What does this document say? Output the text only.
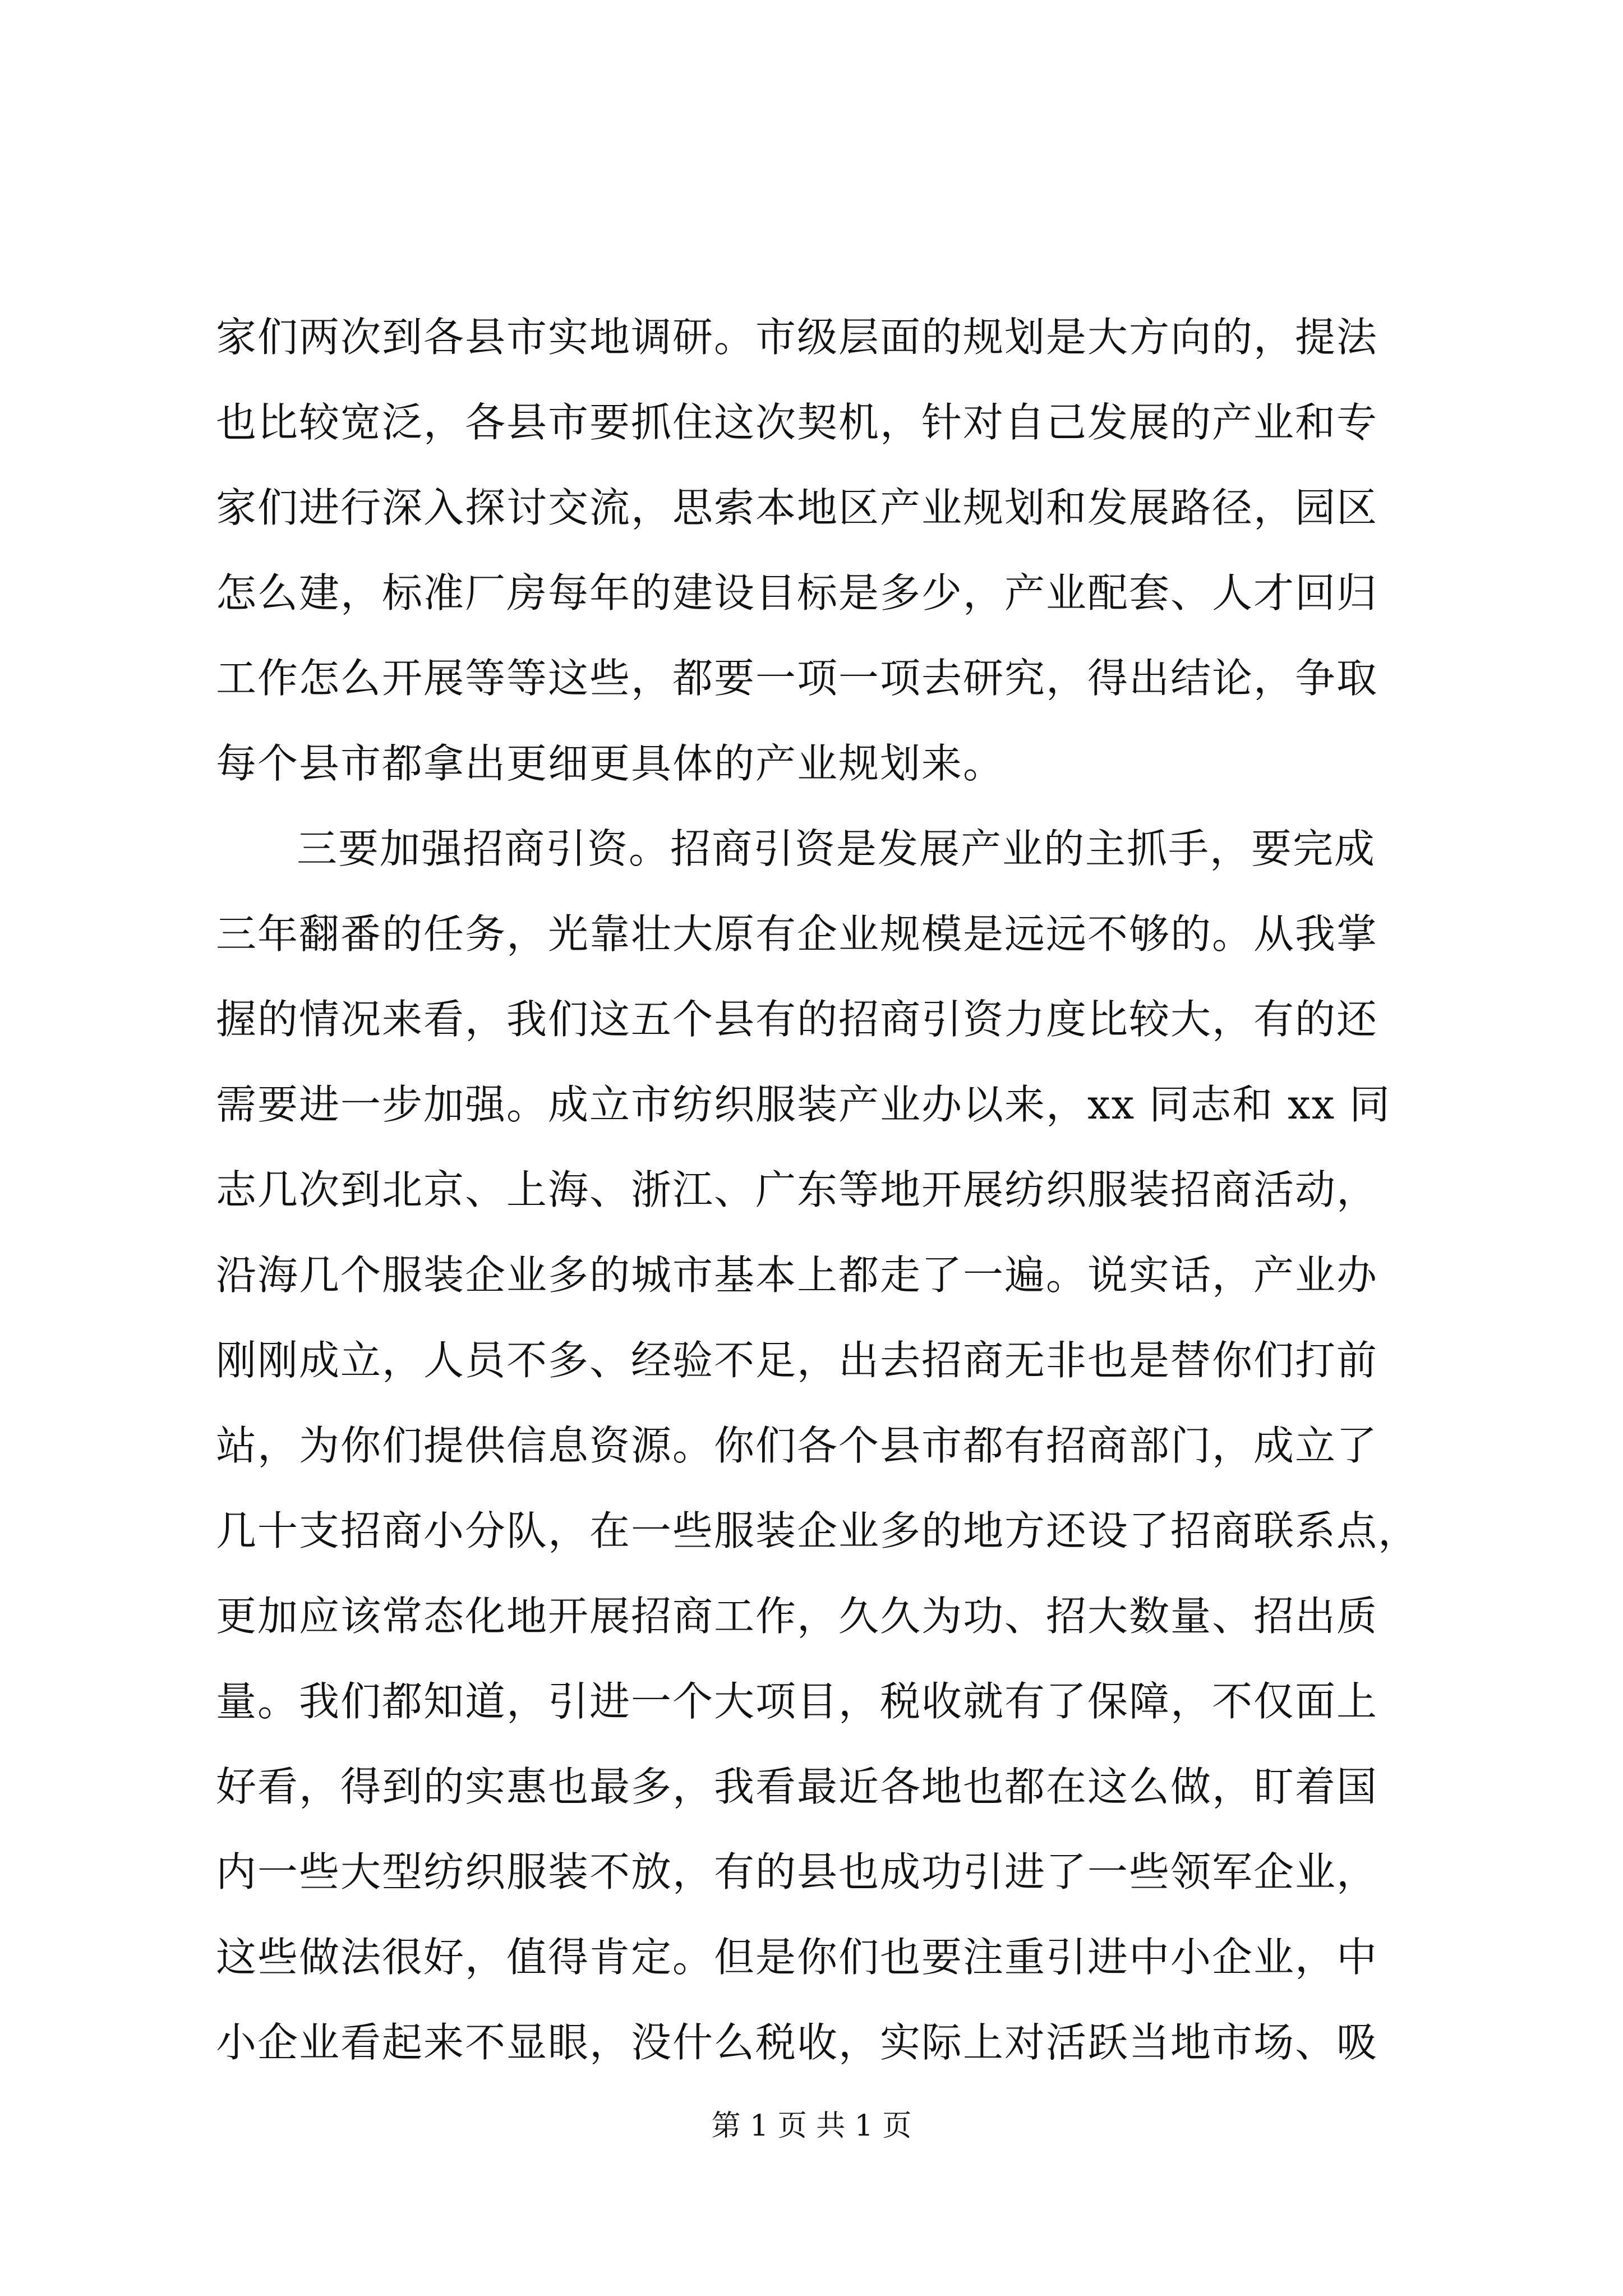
家们两次到各县市实地调研。市级层面的规划是大方向的，提法
也比较宽泛，各县市要抓住这次契机，针对自己发展的产业和专
家们进行深入探讨交流，思索本地区产业规划和发展路径，园区
怎么建，标准厂房每年的建设目标是多少，产业配套、人才回归
工作怎么开展等等这些，都要一项一项去研究，得出结论，争取
每个县市都拿出更细更具体的产业规划来。
三要加强招商引资。招商引资是发展产业的主抓手，要完成
三年翻番的任务，光靠壮大原有企业规模是远远不够的。从我掌
握的情况来看，我们这五个县有的招商引资力度比较大，有的还
需要进一步加强。成立市纺织服装产业办以来，xx 同志和 xx 同
志几次到北京、上海、浙江、广东等地开展纺织服装招商活动，
沿海几个服装企业多的城市基本上都走了一遍。说实话，产业办
刚刚成立，人员不多、经验不足，出去招商无非也是替你们打前
站，为你们提供信息资源。你们各个县市都有招商部门，成立了
几十支招商小分队，在一些服装企业多的地方还设了招商联系点，
更加应该常态化地开展招商工作，久久为功、招大数量、招出质
量。我们都知道，引进一个大项目，税收就有了保障，不仅面上
好看，得到的实惠也最多，我看最近各地也都在这么做，盯着国
内一些大型纺织服装不放，有的县也成功引进了一些领军企业，
这些做法很好，值得肯定。但是你们也要注重引进中小企业，中
小企业看起来不显眼，没什么税收，实际上对活跃当地市场、吸
第 1 页 共 1 页
